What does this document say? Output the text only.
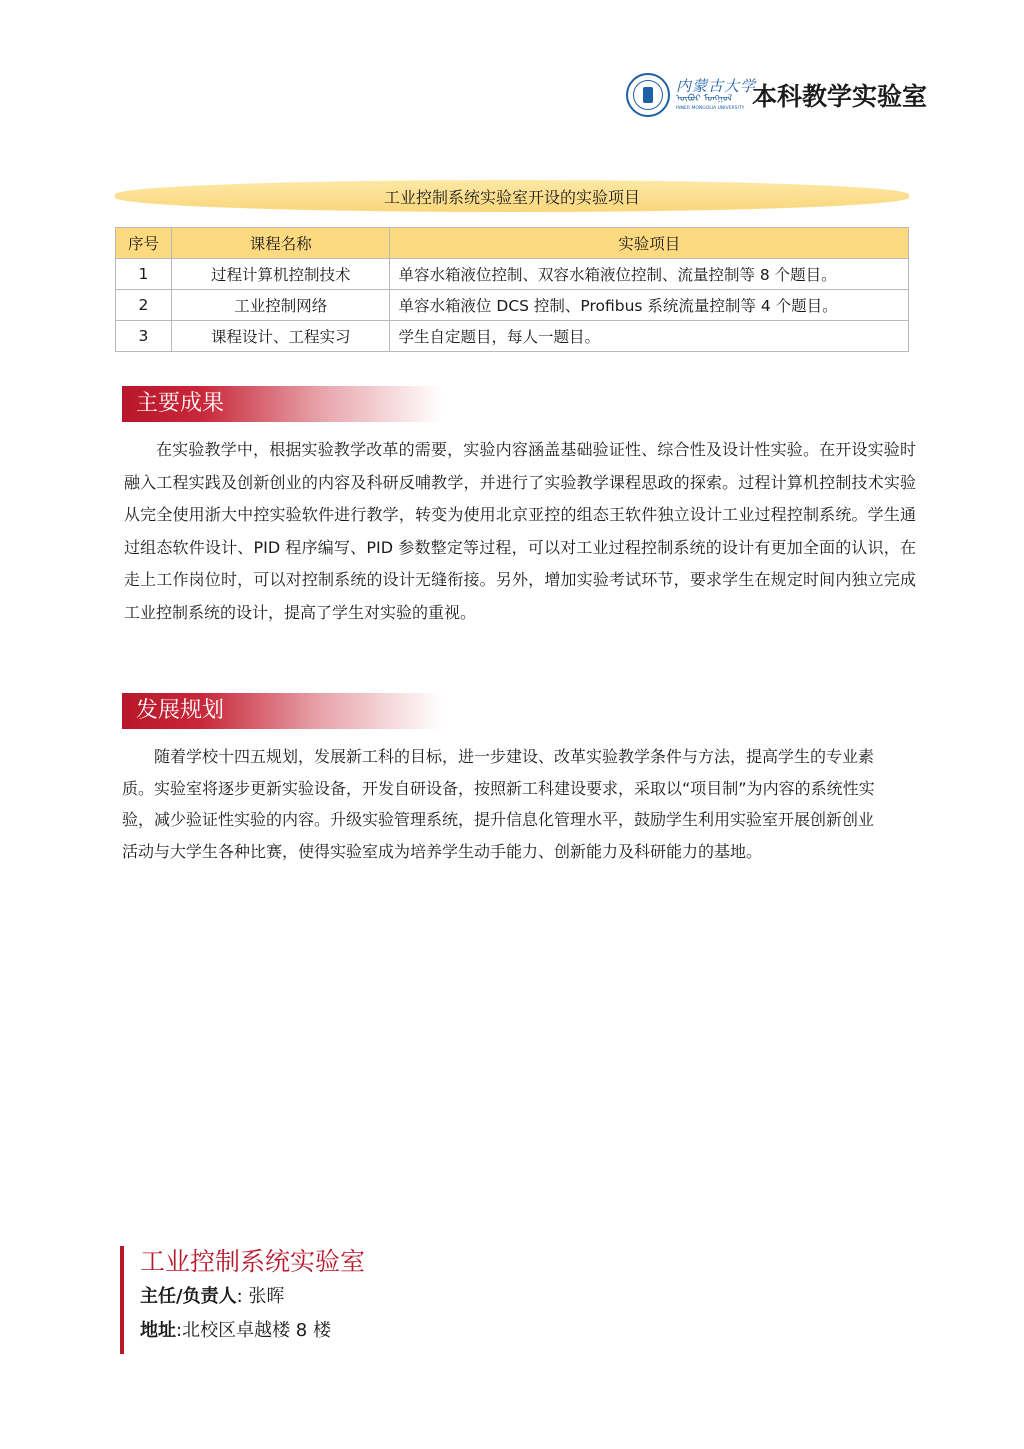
内蒙古大学
ᠥᠪᠦᠷ ᠮᠣᠩᠭᠣᠯ
INNER MONGOLIA UNIVERSITY 本科教学实验室
工业控制系统实验室开设的实验项目
序号	课程名称	实验项目
1	过程计算机控制技术	单容水箱液位控制、双容水箱液位控制、流量控制等 8 个题目。
2	工业控制网络	单容水箱液位 DCS 控制、Profibus 系统流量控制等 4 个题目。
3	课程设计、工程实习	学生自定题目，每人一题目。
主要成果

在实验教学中，根据实验教学改革的需要，实验内容涵盖基础验证性、综合性及设计性实验。在开设实验时融入工程实践及创新创业的内容及科研反哺教学，并进行了实验教学课程思政的探索。过程计算机控制技术实验从完全使用浙大中控实验软件进行教学，转变为使用北京亚控的组态王软件独立设计工业过程控制系统。学生通过组态软件设计、PID 程序编写、PID 参数整定等过程，可以对工业过程控制系统的设计有更加全面的认识，在走上工作岗位时，可以对控制系统的设计无缝衔接。另外，增加实验考试环节，要求学生在规定时间内独立完成工业控制系统的设计，提高了学生对实验的重视。

发展规划

随着学校十四五规划，发展新工科的目标，进一步建设、改革实验教学条件与方法，提高学生的专业素质。实验室将逐步更新实验设备，开发自研设备，按照新工科建设要求，采取以“项目制”为内容的系统性实验，减少验证性实验的内容。升级实验管理系统，提升信息化管理水平，鼓励学生利用实验室开展创新创业活动与大学生各种比赛，使得实验室成为培养学生动手能力、创新能力及科研能力的基地。

工业控制系统实验室
主任/负责人: 张晖
地址:北校区卓越楼 8 楼
